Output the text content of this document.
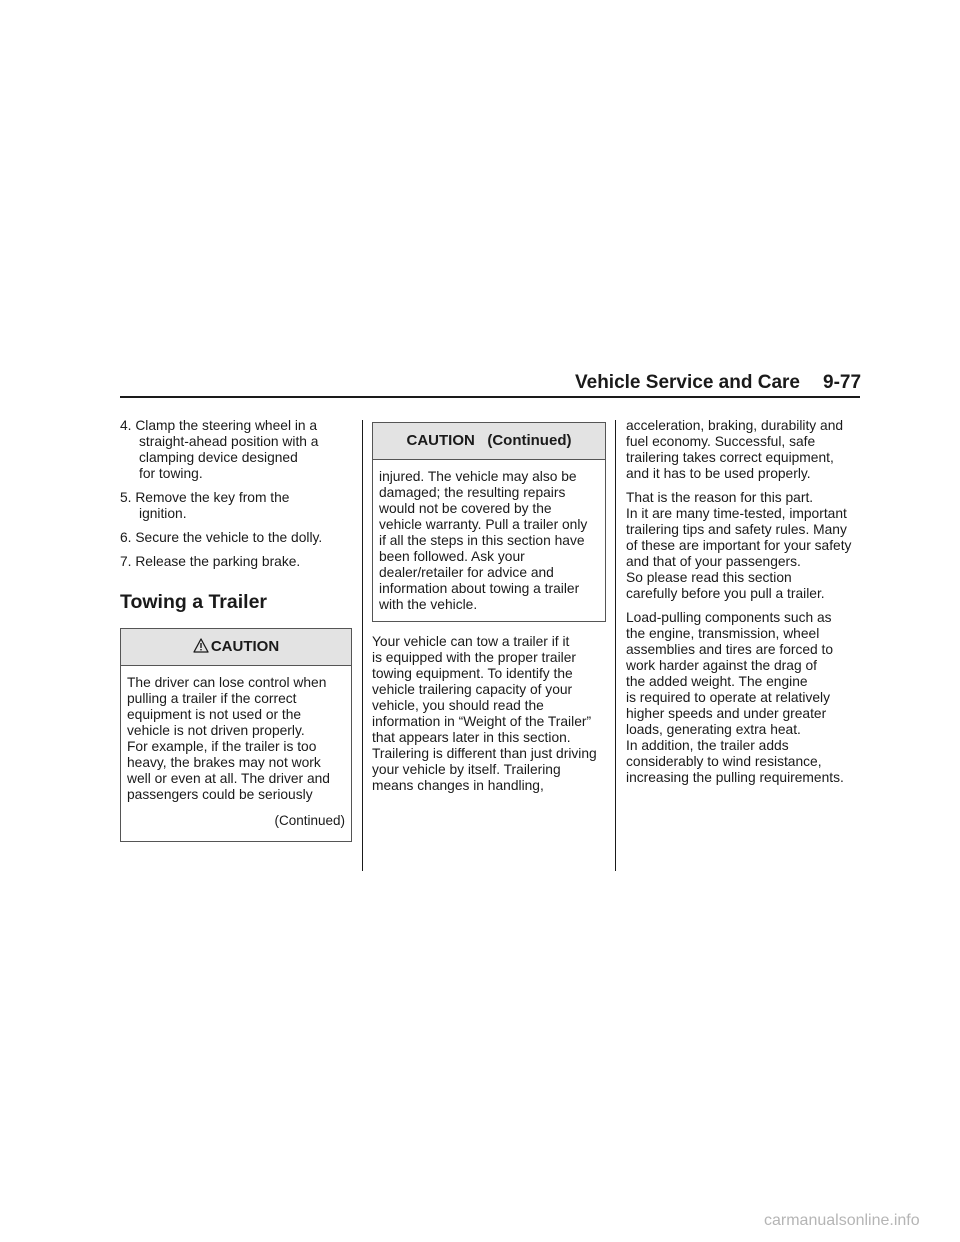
Vehicle Service and Care 9-77
4. Clamp the steering wheel in a
straight-ahead position with a
clamping device designed
for towing.
5. Remove the key from the
ignition.
6. Secure the vehicle to the dolly.
7. Release the parking brake.
Towing a Trailer
CAUTION
The driver can lose control when
pulling a trailer if the correct
equipment is not used or the
vehicle is not driven properly.
For example, if the trailer is too
heavy, the brakes may not work
well or even at all. The driver and
passengers could be seriously
(Continued)
CAUTION   (Continued)
injured. The vehicle may also be
damaged; the resulting repairs
would not be covered by the
vehicle warranty. Pull a trailer only
if all the steps in this section have
been followed. Ask your
dealer/retailer for advice and
information about towing a trailer
with the vehicle.
Your vehicle can tow a trailer if it
is equipped with the proper trailer
towing equipment. To identify the
vehicle trailering capacity of your
vehicle, you should read the
information in “Weight of the Trailer”
that appears later in this section.
Trailering is different than just driving
your vehicle by itself. Trailering
means changes in handling,
acceleration, braking, durability and
fuel economy. Successful, safe
trailering takes correct equipment,
and it has to be used properly.
That is the reason for this part.
In it are many time-tested, important
trailering tips and safety rules. Many
of these are important for your safety
and that of your passengers.
So please read this section
carefully before you pull a trailer.
Load-pulling components such as
the engine, transmission, wheel
assemblies and tires are forced to
work harder against the drag of
the added weight. The engine
is required to operate at relatively
higher speeds and under greater
loads, generating extra heat.
In addition, the trailer adds
considerably to wind resistance,
increasing the pulling requirements.
carmanualsonline.info
